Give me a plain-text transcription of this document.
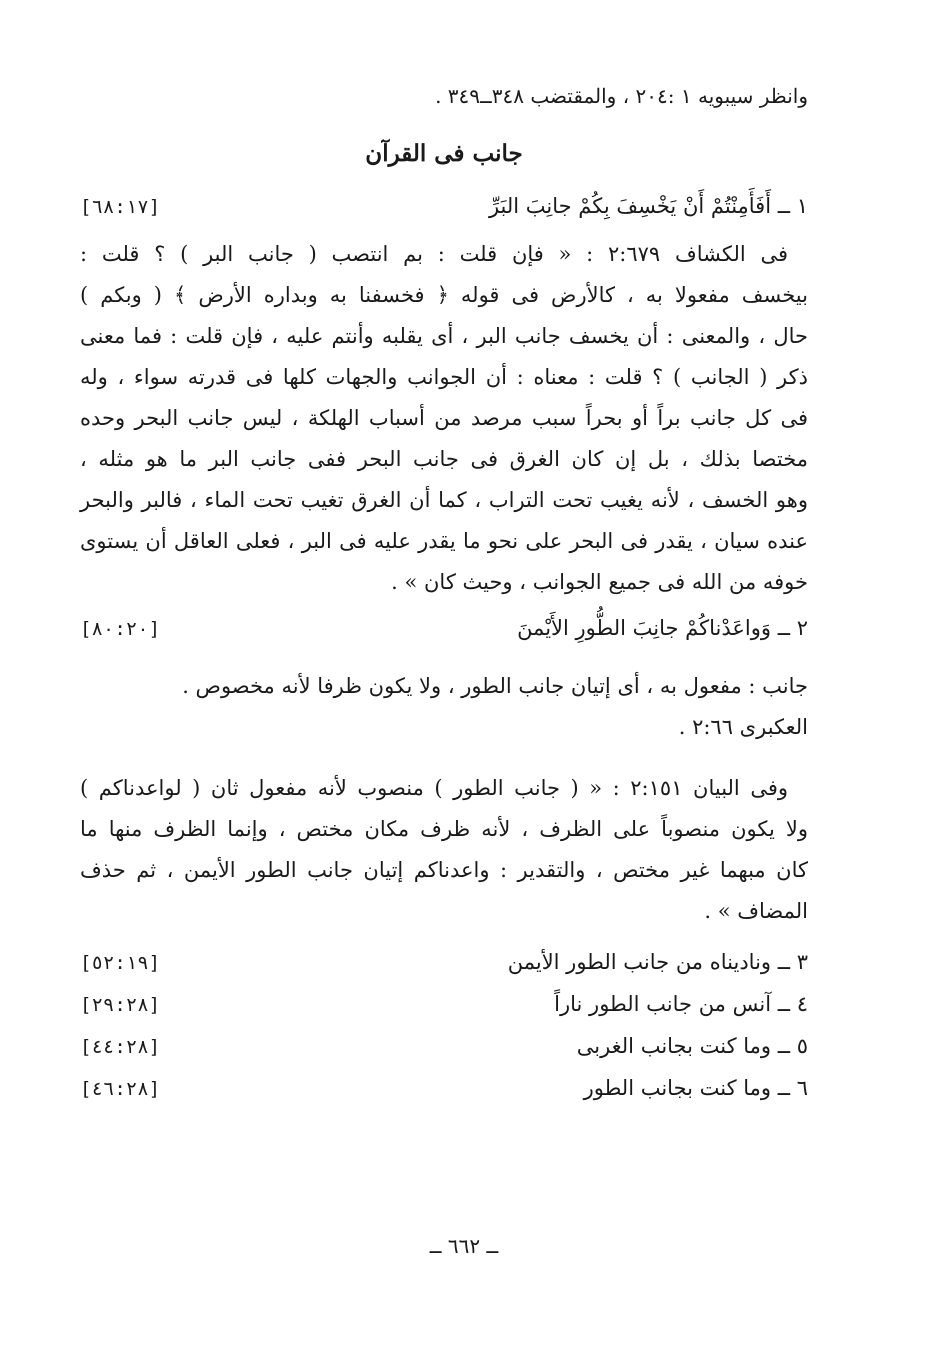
وانظر سيبويه ١ :٢٠٤ ، والمقتضب ٣٤٨ــ٣٤٩ .
جانب فى القرآن
١ ــ أَفَأَمِنْتُمْ أَنْ يَخْسِفَ بِكُمْ جانِبَ البَرِّ
[٦٨:١٧]
فى الكشاف ٢:٦٧٩ : « فإن قلت : بم انتصب ( جانب البر ) ؟ قلت :
بيخسف مفعولا به ، كالأرض فى قوله ﴿ فخسفنا به وبداره الأرض ﴾ ( وبكم )
حال ، والمعنى : أن يخسف جانب البر ، أى يقلبه وأنتم عليه ، فإن قلت : فما معنى
ذكر ( الجانب ) ؟ قلت : معناه : أن الجوانب والجهات كلها فى قدرته سواء ، وله
فى كل جانب براً أو بحراً سبب مرصد من أسباب الهلكة ، ليس جانب البحر وحده
مختصا بذلك ، بل إن كان الغرق فى جانب البحر ففى جانب البر ما هو مثله ،
وهو الخسف ، لأنه يغيب تحت التراب ، كما أن الغرق تغيب تحت الماء ، فالبر والبحر
عنده سيان ، يقدر فى البحر على نحو ما يقدر عليه فى البر ، فعلى العاقل أن يستوى
خوفه من الله فى جميع الجوانب ، وحيث كان » .
٢ ــ وَواعَدْناكُمْ جانِبَ الطُّورِ الأَيْمنَ
[٨٠:٢٠]
جانب : مفعول به ، أى إتيان جانب الطور ، ولا يكون ظرفا لأنه مخصوص .
العكبرى ٢:٦٦ .
وفى البيان ٢:١٥١ : « ( جانب الطور ) منصوب لأنه مفعول ثان ( لواعدناكم )
ولا يكون منصوباً على الظرف ، لأنه ظرف مكان مختص ، وإنما الظرف منها ما
كان مبهما غير مختص ، والتقدير : واعدناكم إتيان جانب الطور الأيمن ، ثم حذف
المضاف » .
٣ ــ وناديناه من جانب الطور الأيمن
[٥٢:١٩]
٤ ــ آنس من جانب الطور ناراً
[٢٩:٢٨]
٥ ــ وما كنت بجانب الغربى
[٤٤:٢٨]
٦ ــ وما كنت بجانب الطور
[٤٦:٢٨]
ــ ٦٦٢ ــ
